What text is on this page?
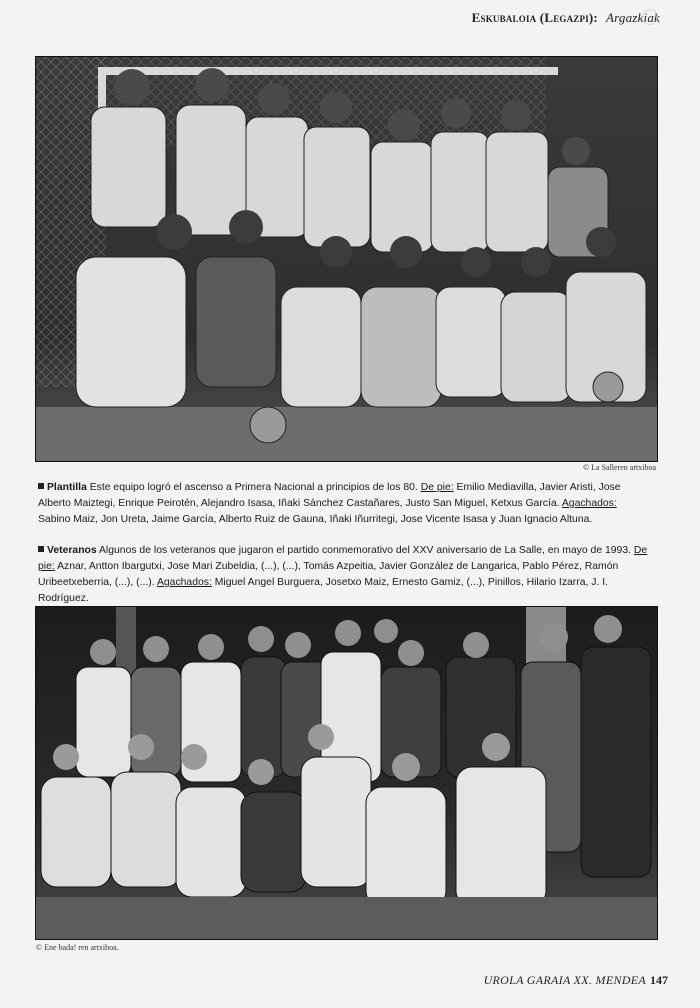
Eskubaloia (Legazpi): Argazkiak
© La Salleren artxiboa
Plantilla Este equipo logró el ascenso a Primera Nacional a principios de los 80. De pie: Emilio Mediavilla, Javier Aristi, Jose Alberto Maiztegi, Enrique Peirotén, Alejandro Isasa, Iñaki Sánchez Castañares, Justo San Miguel, Ketxus García. Agachados: Sabino Maiz, Jon Ureta, Jaime García, Alberto Ruiz de Gauna, Iñaki Iñurritegi, Jose Vicente Isasa y Juan Ignacio Altuna.
Veteranos Algunos de los veteranos que jugaron el partido conmemorativo del XXV aniversario de La Salle, en mayo de 1993. De pie: Aznar, Antton Ibargutxi, Jose Mari Zubeldia, (...), (...), Tomás Azpeitia, Javier González de Langarica, Pablo Pérez, Ramón Uribeetxeberria, (...), (...). Agachados: Miguel Angel Burguera, Josetxo Maiz, Ernesto Gamiz, (...), Pinillos, Hilario Izarra, J. I. Rodríguez.
© Ene bada! ren artxiboa.
UROLA GARAIA XX. MENDEA 147
